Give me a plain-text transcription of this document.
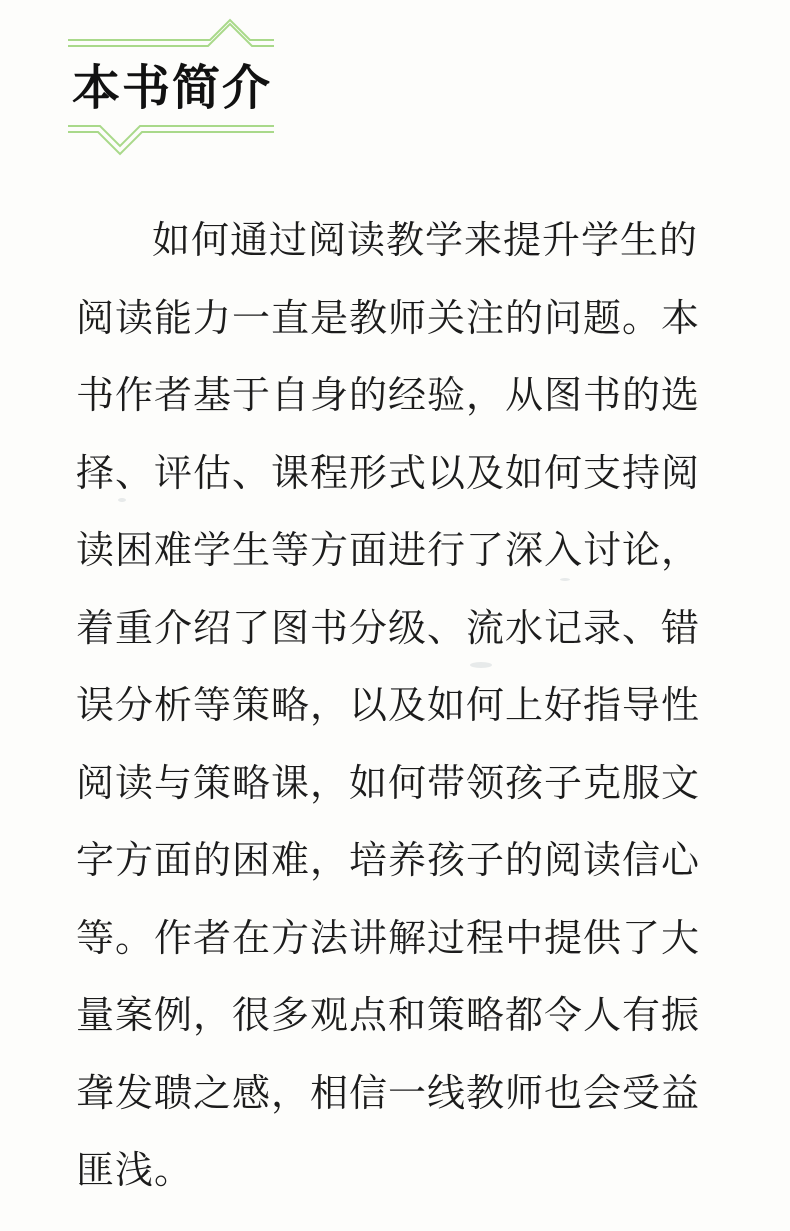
本书简介

如何通过阅读教学来提升学生的阅读能力一直是教师关注的问题。本书作者基于自身的经验，从图书的选择、评估、课程形式以及如何支持阅读困难学生等方面进行了深入讨论，着重介绍了图书分级、流水记录、错误分析等策略，以及如何上好指导性阅读与策略课，如何带领孩子克服文字方面的困难，培养孩子的阅读信心等。作者在方法讲解过程中提供了大量案例，很多观点和策略都令人有振聋发聩之感，相信一线教师也会受益匪浅。
